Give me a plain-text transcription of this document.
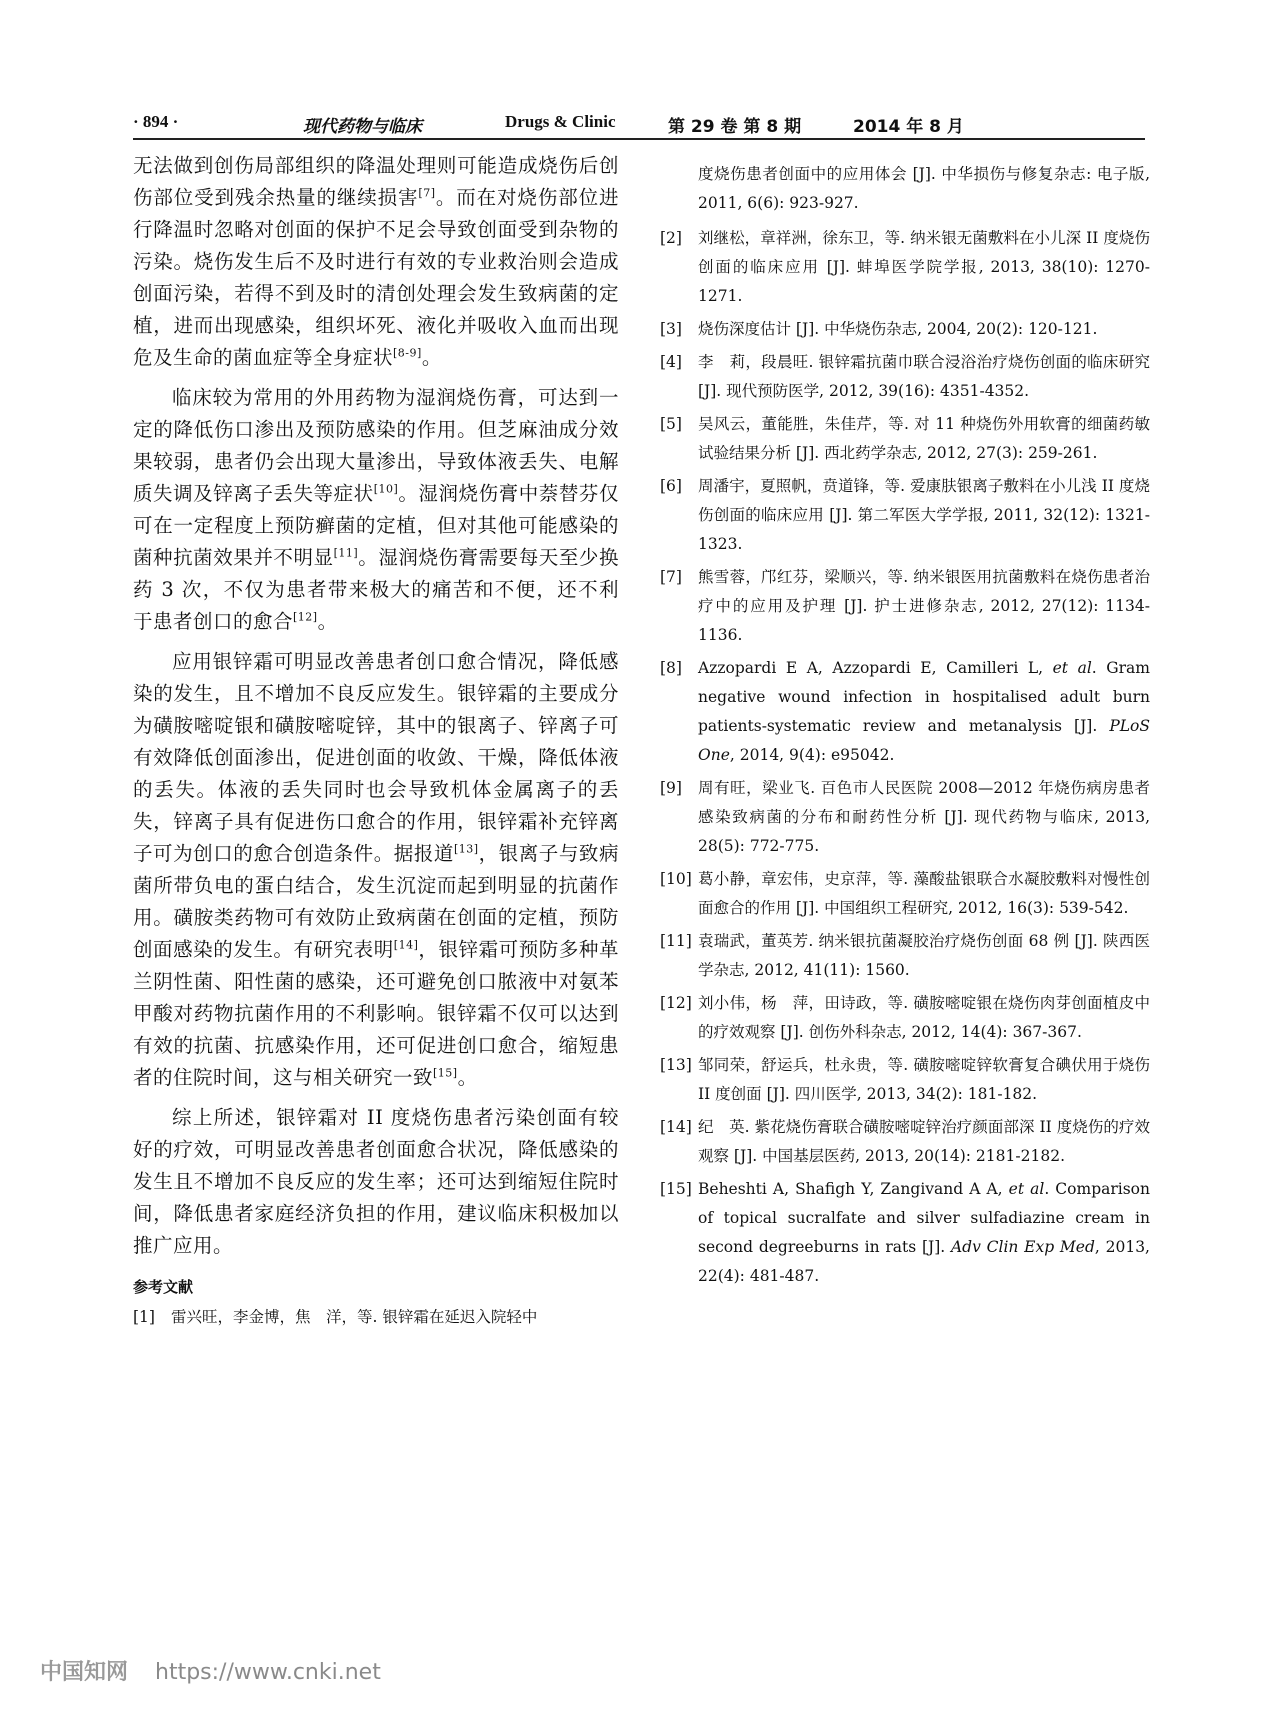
· 894 ·	现代药物与临床	Drugs & Clinic	第 29 卷 第 8 期	2014 年 8 月

无法做到创伤局部组织的降温处理则可能造成烧伤后创伤部位受到残余热量的继续损害[7]。而在对烧伤部位进行降温时忽略对创面的保护不足会导致创面受到杂物的污染。烧伤发生后不及时进行有效的专业救治则会造成创面污染，若得不到及时的清创处理会发生致病菌的定植，进而出现感染，组织坏死、液化并吸收入血而出现危及生命的菌血症等全身症状[8-9]。

临床较为常用的外用药物为湿润烧伤膏，可达到一定的降低伤口渗出及预防感染的作用。但芝麻油成分效果较弱，患者仍会出现大量渗出，导致体液丢失、电解质失调及锌离子丢失等症状[10]。湿润烧伤膏中萘替芬仅可在一定程度上预防癣菌的定植，但对其他可能感染的菌种抗菌效果并不明显[11]。湿润烧伤膏需要每天至少换药 3 次，不仅为患者带来极大的痛苦和不便，还不利于患者创口的愈合[12]。

应用银锌霜可明显改善患者创口愈合情况，降低感染的发生，且不增加不良反应发生。银锌霜的主要成分为磺胺嘧啶银和磺胺嘧啶锌，其中的银离子、锌离子可有效降低创面渗出，促进创面的收敛、干燥，降低体液的丢失。体液的丢失同时也会导致机体金属离子的丢失，锌离子具有促进伤口愈合的作用，银锌霜补充锌离子可为创口的愈合创造条件。据报道[13]，银离子与致病菌所带负电的蛋白结合，发生沉淀而起到明显的抗菌作用。磺胺类药物可有效防止致病菌在创面的定植，预防创面感染的发生。有研究表明[14]，银锌霜可预防多种革兰阴性菌、阳性菌的感染，还可避免创口脓液中对氨苯甲酸对药物抗菌作用的不利影响。银锌霜不仅可以达到有效的抗菌、抗感染作用，还可促进创口愈合，缩短患者的住院时间，这与相关研究一致[15]。

综上所述，银锌霜对 II 度烧伤患者污染创面有较好的疗效，可明显改善患者创面愈合状况，降低感染的发生且不增加不良反应的发生率；还可达到缩短住院时间，降低患者家庭经济负担的作用，建议临床积极加以推广应用。

参考文献
[1] 雷兴旺，李金博，焦　洋，等. 银锌霜在延迟入院轻中
度烧伤患者创面中的应用体会 [J]. 中华损伤与修复杂志: 电子版, 2011, 6(6): 923-927.
[2] 刘继松，章祥洲，徐东卫，等. 纳米银无菌敷料在小儿深 II 度烧伤创面的临床应用 [J]. 蚌埠医学院学报, 2013, 38(10): 1270-1271.
[3] 烧伤深度估计 [J]. 中华烧伤杂志, 2004, 20(2): 120-121.
[4] 李　莉，段晨旺. 银锌霜抗菌巾联合浸浴治疗烧伤创面的临床研究 [J]. 现代预防医学, 2012, 39(16): 4351-4352.
[5] 吴风云，董能胜，朱佳芹，等. 对 11 种烧伤外用软膏的细菌药敏试验结果分析 [J]. 西北药学杂志, 2012, 27(3): 259-261.
[6] 周潘宇，夏照帆，贲道锋，等. 爱康肤银离子敷料在小儿浅 II 度烧伤创面的临床应用 [J]. 第二军医大学学报, 2011, 32(12): 1321-1323.
[7] 熊雪蓉，邝红芬，梁顺兴，等. 纳米银医用抗菌敷料在烧伤患者治疗中的应用及护理 [J]. 护士进修杂志, 2012, 27(12): 1134-1136.
[8] Azzopardi E A, Azzopardi E, Camilleri L, et al. Gram negative wound infection in hospitalised adult burn patients-systematic review and metanalysis [J]. PLoS One, 2014, 9(4): e95042.
[9] 周有旺，梁业飞. 百色市人民医院 2008—2012 年烧伤病房患者感染致病菌的分布和耐药性分析 [J]. 现代药物与临床, 2013, 28(5): 772-775.
[10] 葛小静，章宏伟，史京萍，等. 藻酸盐银联合水凝胶敷料对慢性创面愈合的作用 [J]. 中国组织工程研究, 2012, 16(3): 539-542.
[11] 袁瑞武，董英芳. 纳米银抗菌凝胶治疗烧伤创面 68 例 [J]. 陕西医学杂志, 2012, 41(11): 1560.
[12] 刘小伟，杨　萍，田诗政，等. 磺胺嘧啶银在烧伤肉芽创面植皮中的疗效观察 [J]. 创伤外科杂志, 2012, 14(4): 367-367.
[13] 邹同荣，舒运兵，杜永贵，等. 磺胺嘧啶锌软膏复合碘伏用于烧伤 II 度创面 [J]. 四川医学, 2013, 34(2): 181-182.
[14] 纪　英. 紫花烧伤膏联合磺胺嘧啶锌治疗颜面部深 II 度烧伤的疗效观察 [J]. 中国基层医药, 2013, 20(14): 2181-2182.
[15] Beheshti A, Shafigh Y, Zangivand A A, et al. Comparison of topical sucralfate and silver sulfadiazine cream in second degreeburns in rats [J]. Adv Clin Exp Med, 2013, 22(4): 481-487.
中国知网 https://www.cnki.net
